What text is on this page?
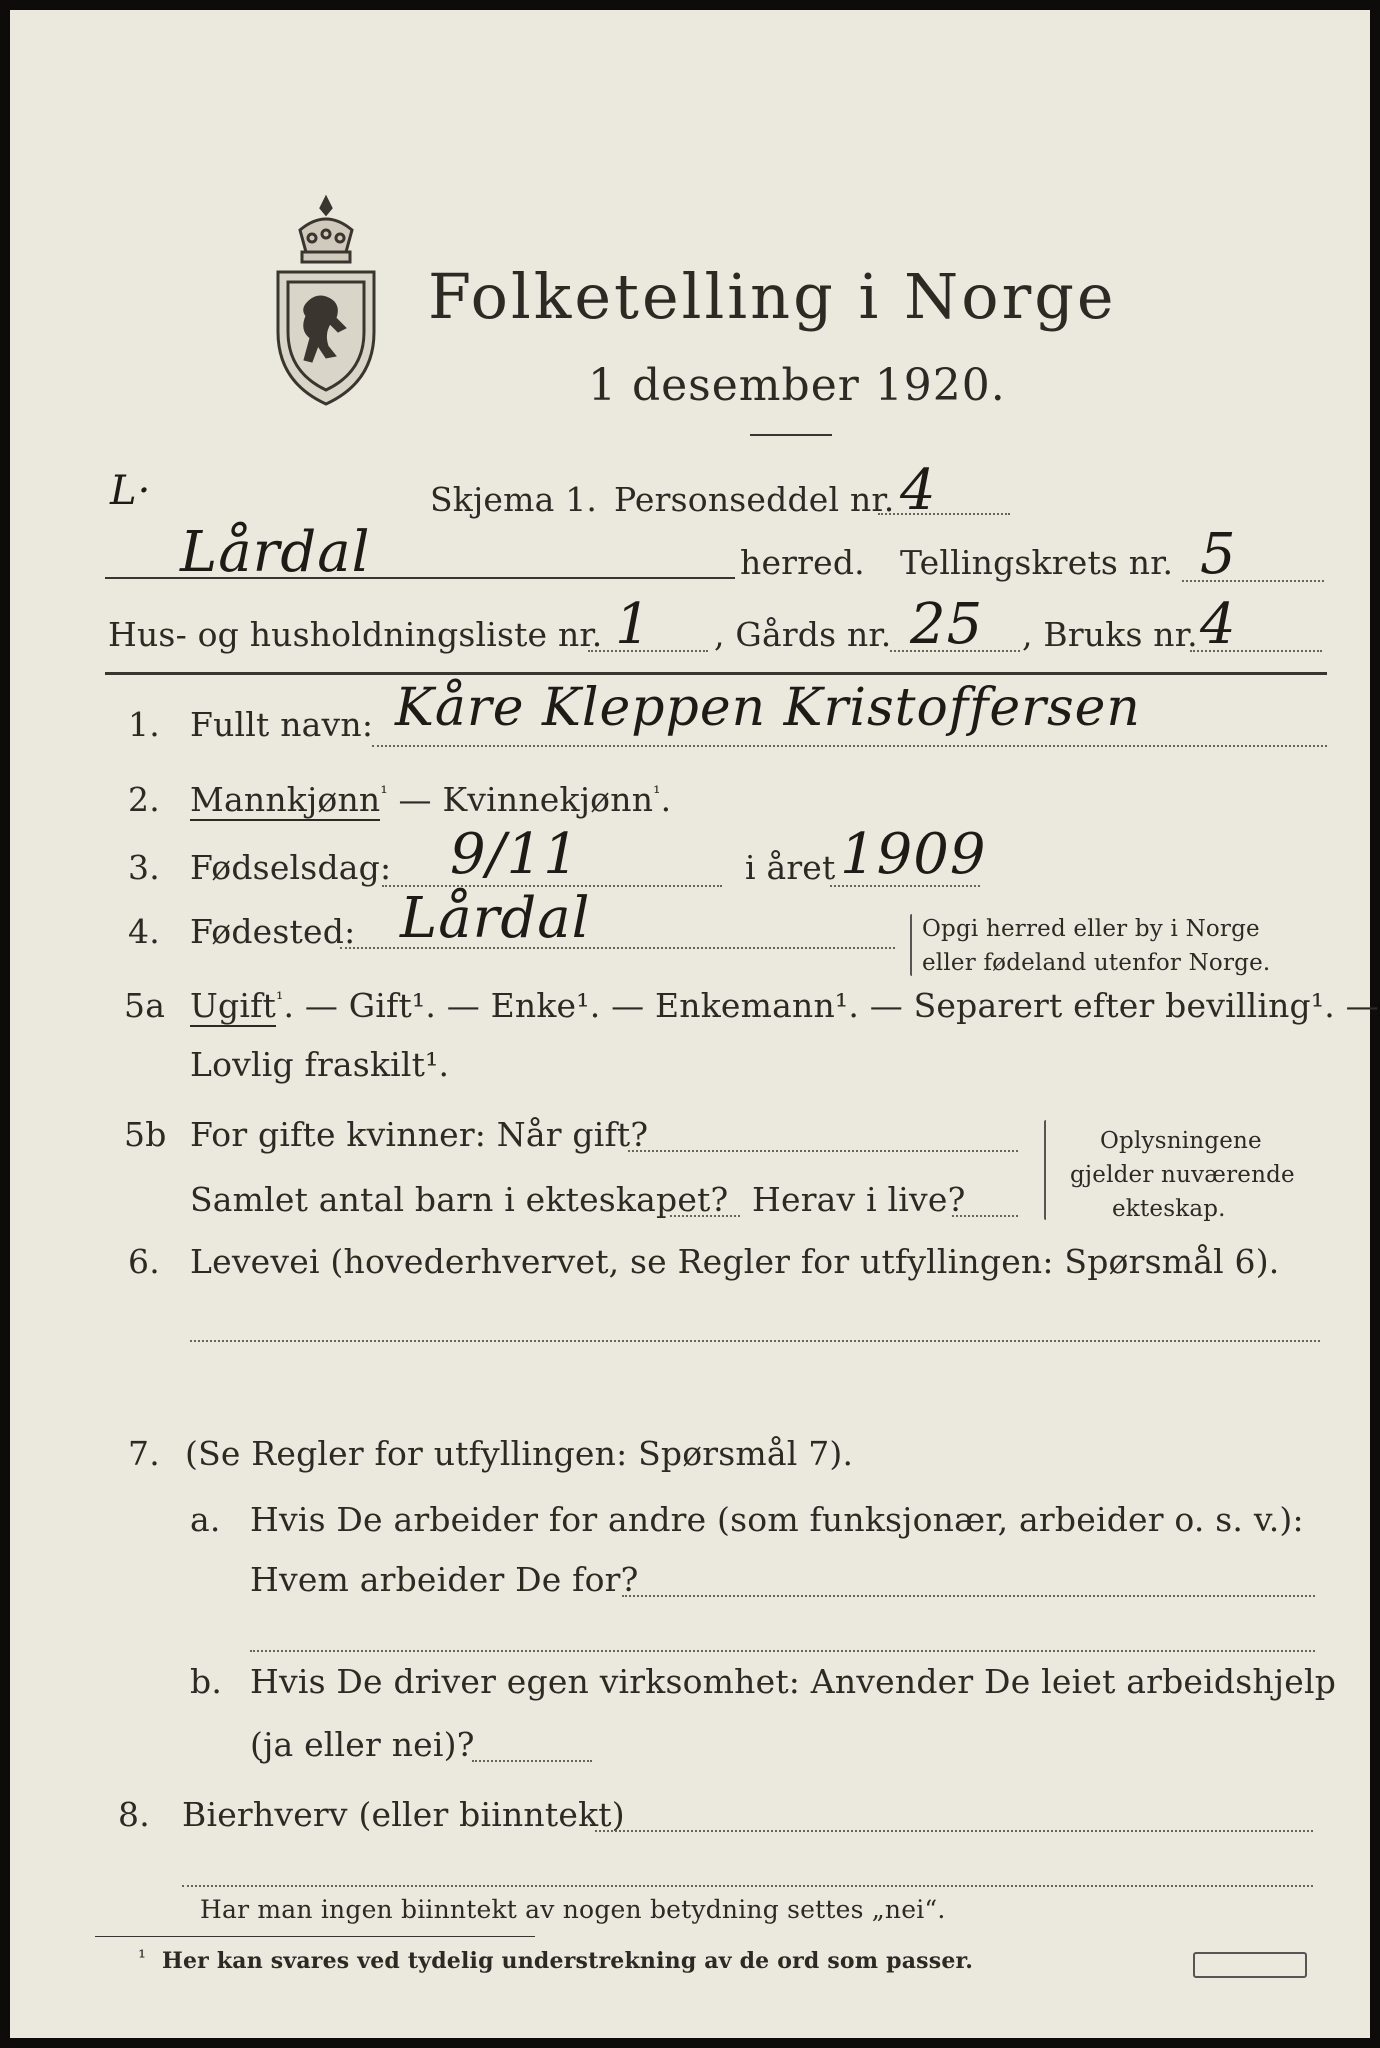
Folketelling i Norge
1 desember 1920.
L·	Skjema 1. Personseddel nr. 4
Lårdal	herred. Tellingskrets nr. 5
Hus- og husholdningsliste nr. 1 , Gårds nr. 25 , Bruks nr. 4
1. Fullt navn: Kåre Kleppen Kristoffersen
2. Mannkjønn$^{^1}$ — Kvinnekjønn$^{^1}$.
3. Fødselsdag: 9/11	i året 1909
4. Fødested: Lårdal	Opgi herred eller by i Norge
eller fødeland utenfor Norge.
5a Ugift$^{^1}$. — Gift¹. — Enke¹. — Enkemann¹. — Separert efter bevilling¹. —
Lovlig fraskilt¹.
5b For gifte kvinner: Når gift?
Samlet antal barn i ekteskapet? Herav i live?
Oplysningene
gjelder nuværende
ekteskap.
6. Levevei (hovederhvervet, se Regler for utfyllingen: Spørsmål 6).
7. (Se Regler for utfyllingen: Spørsmål 7).
a. Hvis De arbeider for andre (som funksjonær, arbeider o. s. v.):
Hvem arbeider De for?
b. Hvis De driver egen virksomhet: Anvender De leiet arbeidshjelp
(ja eller nei)?
8. Bierhverv (eller biinntekt)
Har man ingen biinntekt av nogen betydning settes „nei“.
¹ Her kan svares ved tydelig understrekning av de ord som passer.
